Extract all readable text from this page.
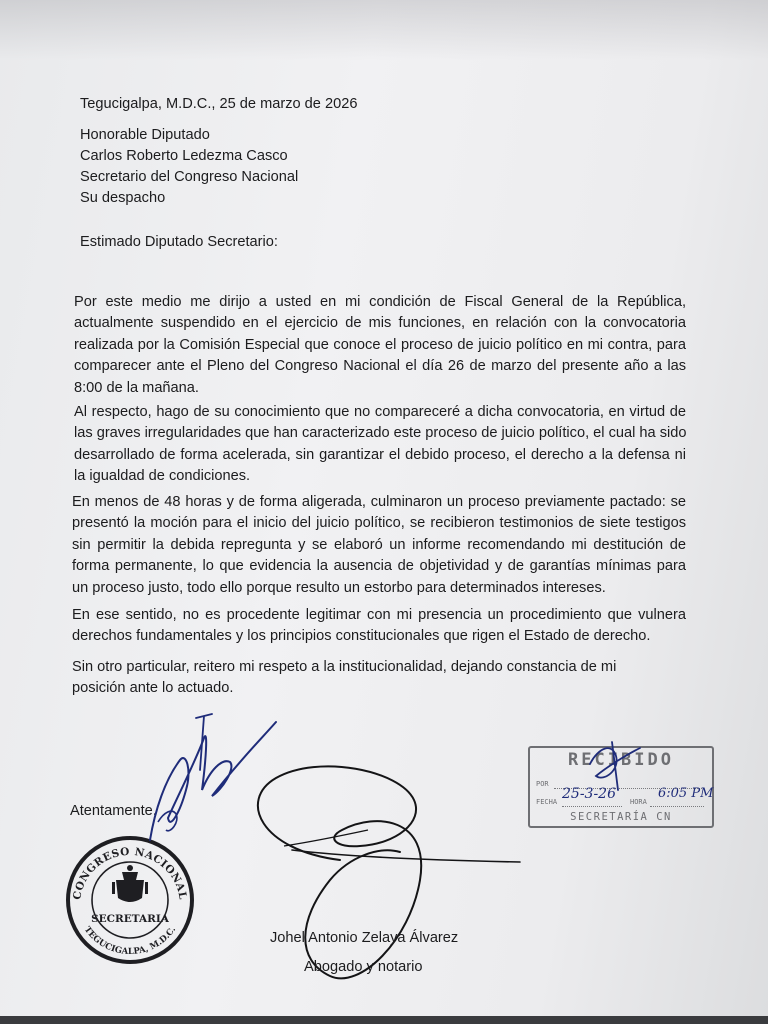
Tegucigalpa, M.D.C., 25 de marzo de 2026
Honorable Diputado
Carlos Roberto Ledezma Casco
Secretario del Congreso Nacional
Su despacho
Estimado Diputado Secretario:
Por este medio me dirijo a usted en mi condición de Fiscal General de la República,
actualmente suspendido en el ejercicio de mis funciones, en relación con la convocatoria
realizada por la Comisión Especial que conoce el proceso de juicio político en mi contra, para
comparecer ante el Pleno del Congreso Nacional el día 26 de marzo del presente año a las
8:00 de la mañana.
Al respecto, hago de su conocimiento que no compareceré a dicha convocatoria, en virtud de
las graves irregularidades que han caracterizado este proceso de juicio político, el cual ha sido
desarrollado de forma acelerada, sin garantizar el debido proceso, el derecho a la defensa ni
la igualdad de condiciones.
En menos de 48 horas y de forma aligerada, culminaron un proceso previamente pactado: se
presentó la moción para el inicio del juicio político, se recibieron testimonios de siete testigos
sin permitir la debida repregunta y se elaboró un informe recomendando mi destitución de
forma permanente, lo que evidencia la ausencia de objetividad y de garantías mínimas para
un proceso justo, todo ello porque resulto un estorbo para determinados intereses.
En ese sentido, no es procedente legitimar con mi presencia un procedimiento que vulnera
derechos fundamentales y los principios constitucionales que rigen el Estado de derecho.
Sin otro particular, reitero mi respeto a la institucionalidad, dejando constancia de mi
posición ante lo actuado.
Atentamente,
CONGRESO NACIONAL
TEGUCIGALPA, M.D.C.
SECRETARIA
RECIBIDO
POR
FECHA	HORA
SECRETARÍA CN
25-3-26	6:05 PM
Johel Antonio Zelaya Álvarez
Abogado y notario
